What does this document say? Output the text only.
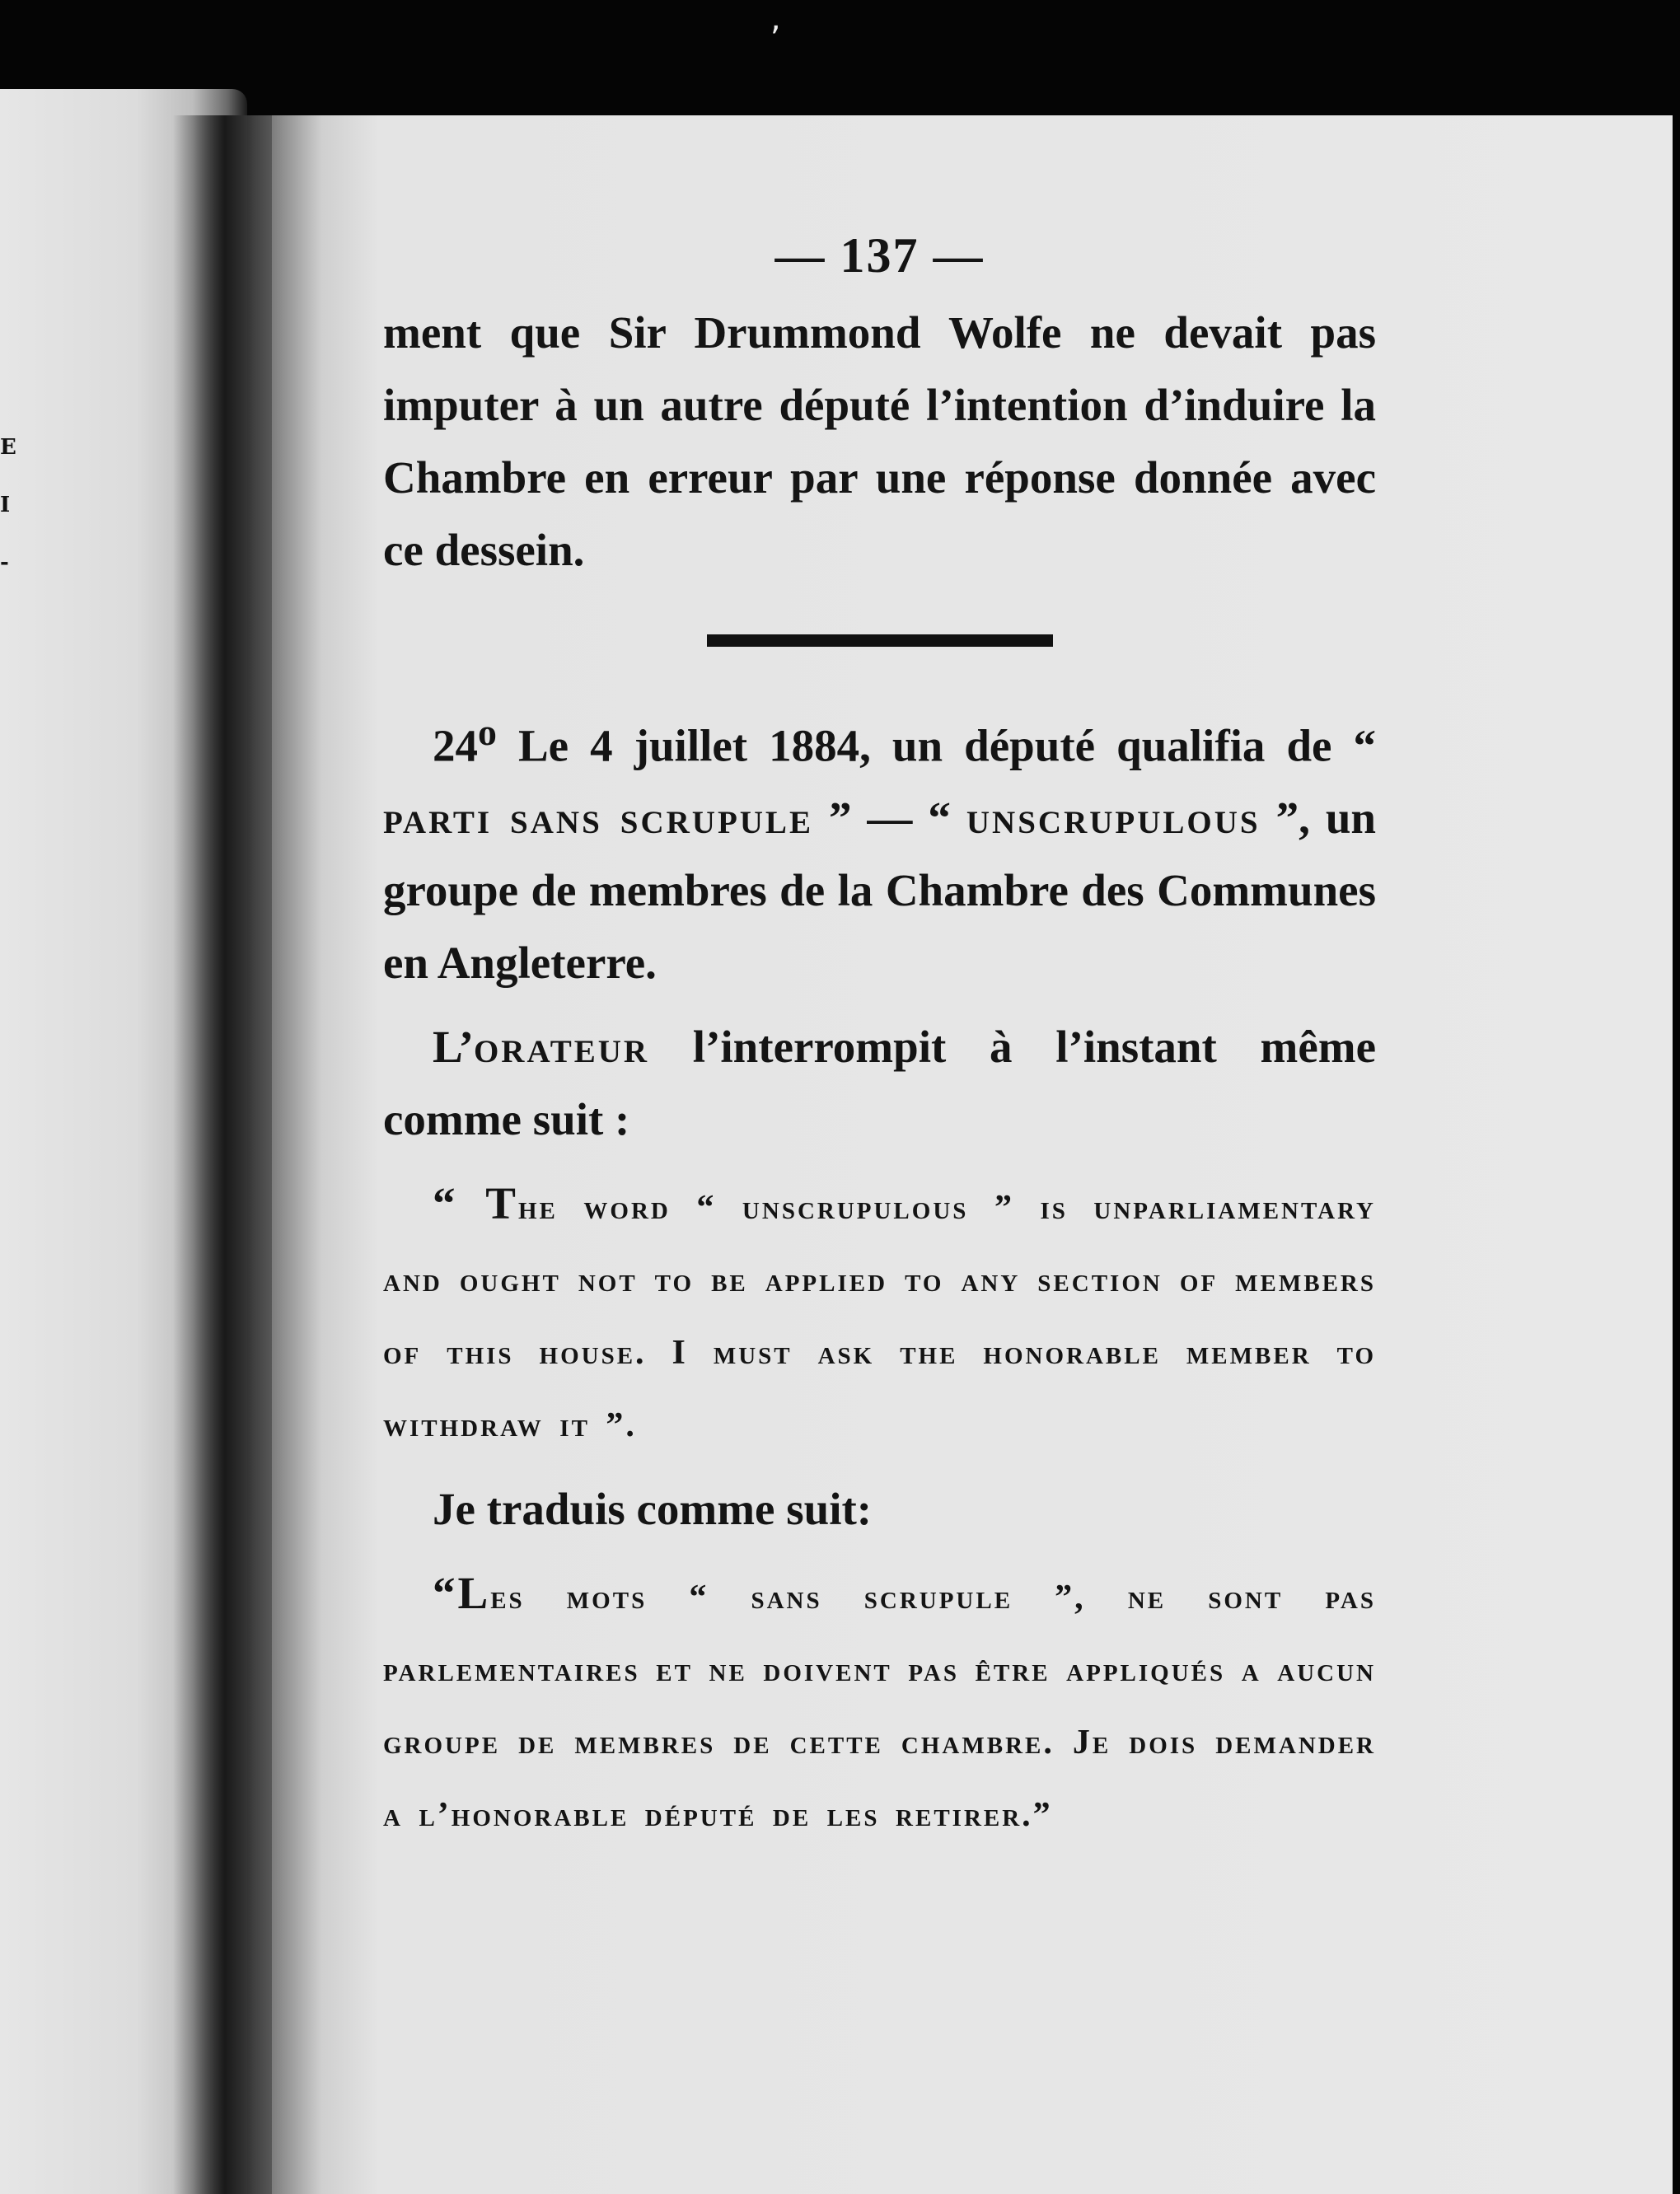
,
E
I
-
— 137 —

ment que Sir Drummond Wolfe ne devait pas imputer à un autre député l’intention d’induire la Chambre en erreur par une réponse donnée avec ce dessein.

24$^o$ Le 4 juillet 1884, un député qualifia de “ parti sans scrupule ” — “ unscrupulous ”, un groupe de membres de la Chambre des Communes en Angleterre.

L’orateur l’interrompit à l’instant même comme suit :

“ The word “ unscrupulous ” is unparliamentary and ought not to be applied to any section of members of this house. I must ask the honorable member to withdraw it ”.

Je traduis comme suit:

“Les mots “ sans scrupule ”, ne sont pas parlementaires et ne doivent pas être appliqués a aucun groupe de membres de cette chambre. Je dois demander a l’honorable député de les retirer.”
